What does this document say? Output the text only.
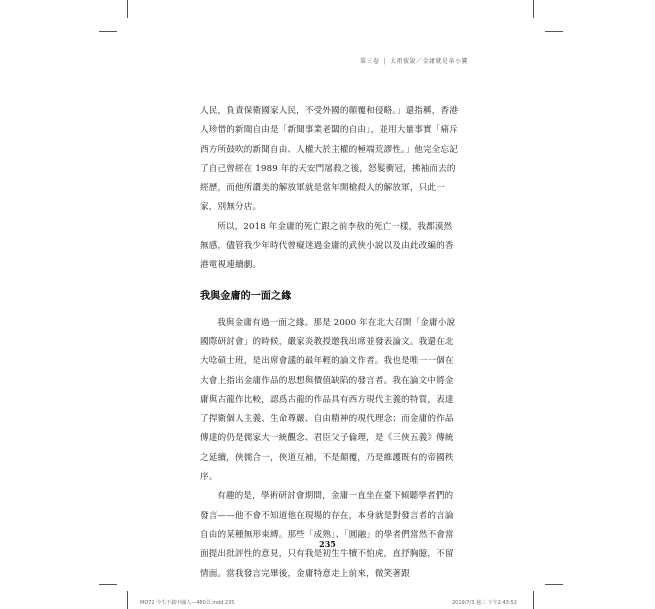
第三卷 | 太祖彼說／金庸就是韋小寶

人民，負責保衛國家人民，不受外國的顛覆和侵略。」還指稱，香港人珍惜的新聞自由是「新聞事業老闆的自由」，並用大量事實「痛斥西方所鼓吹的新聞自由、人權大於主權的極端荒謬性。」他完全忘記了自己曾經在 1989 年的天安門屠殺之後，怒髮衝冠，拂袖而去的經歷，而他所讚美的解放軍就是當年開槍殺人的解放軍，只此一家，別無分店。

所以，2018 年金庸的死亡跟之前李敖的死亡一樣，我都漠然無感，儘管我少年時代曾癡迷過金庸的武俠小說以及由此改編的香港電視連續劇。

我與金庸的一面之緣

我與金庸有過一面之緣。那是 2000 年在北大召開「金庸小說國際研討會」的時候，嚴家炎教授邀我出席並發表論文。我還在北大唸碩士班，是出席會議的最年輕的論文作者。我也是唯一一個在大會上指出金庸作品的思想與價值缺陷的發言者。我在論文中將金庸與古龍作比較，認爲古龍的作品具有西方現代主義的特質，表達了捍衛個人主義、生命尊嚴、自由精神的現代理念；而金庸的作品傳達的仍是儒家大一統觀念、君臣父子倫理，是《三俠五義》傳統之延續，俠儒合一，俠道互補，不是顛覆，乃是維護既有的帝國秩序。

有趣的是，學術研討會期間，金庸一直坐在臺下傾聽學者們的發言——他不會不知道他在現場的存在，本身就是對發言者的言論自由的某種無形束縛。那些「成熟」、「圓融」的學者們當然不會當面提出批評性的意見，只有我是初生牛犢不怕虎，直抒胸臆，不留情面。當我發言完畢後，金庸特意走上前來，微笑著跟

235
MO72 今生不做中國人—480頁.indd 235	2019/7/3 週三 下午2:43:52
